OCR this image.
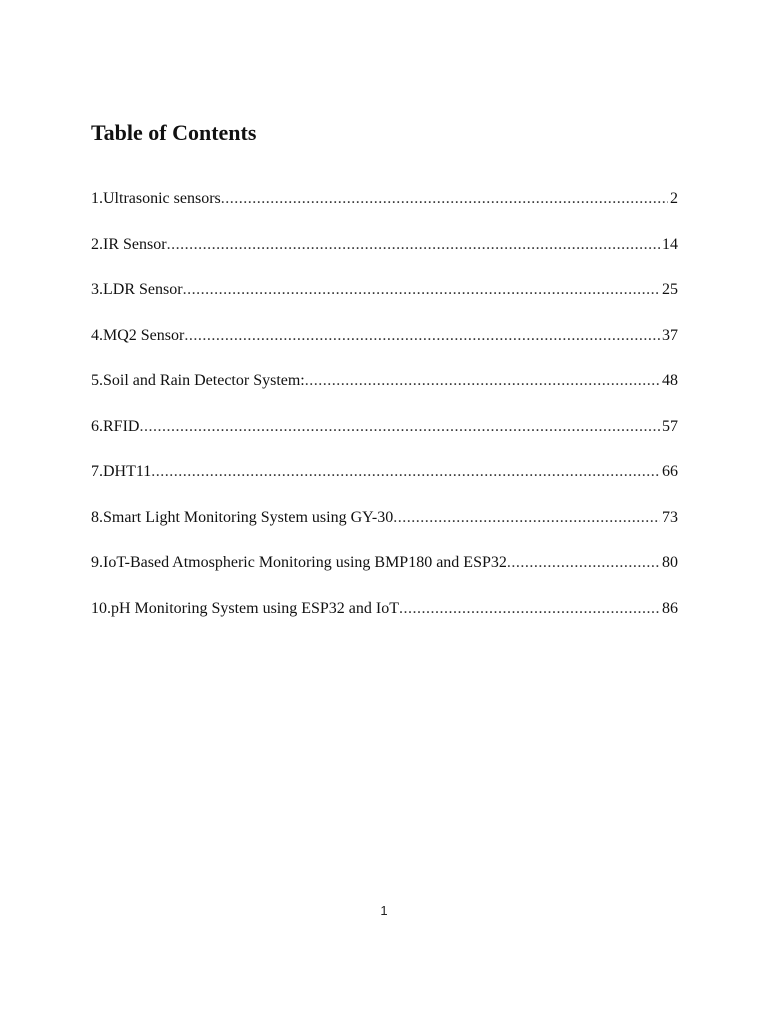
Table of Contents
1.Ultrasonic sensors .....	2
2.IR Sensor .....	14
3.LDR Sensor .....	25
4.MQ2 Sensor .....	37
5.Soil and Rain Detector System: .....	48
6.RFID .....	57
7.DHT11 .....	66
8.Smart Light Monitoring System using GY-30 .....	73
9.IoT-Based Atmospheric Monitoring using BMP180 and ESP32 .....	80
10.pH Monitoring System using ESP32 and IoT .....	86
1
